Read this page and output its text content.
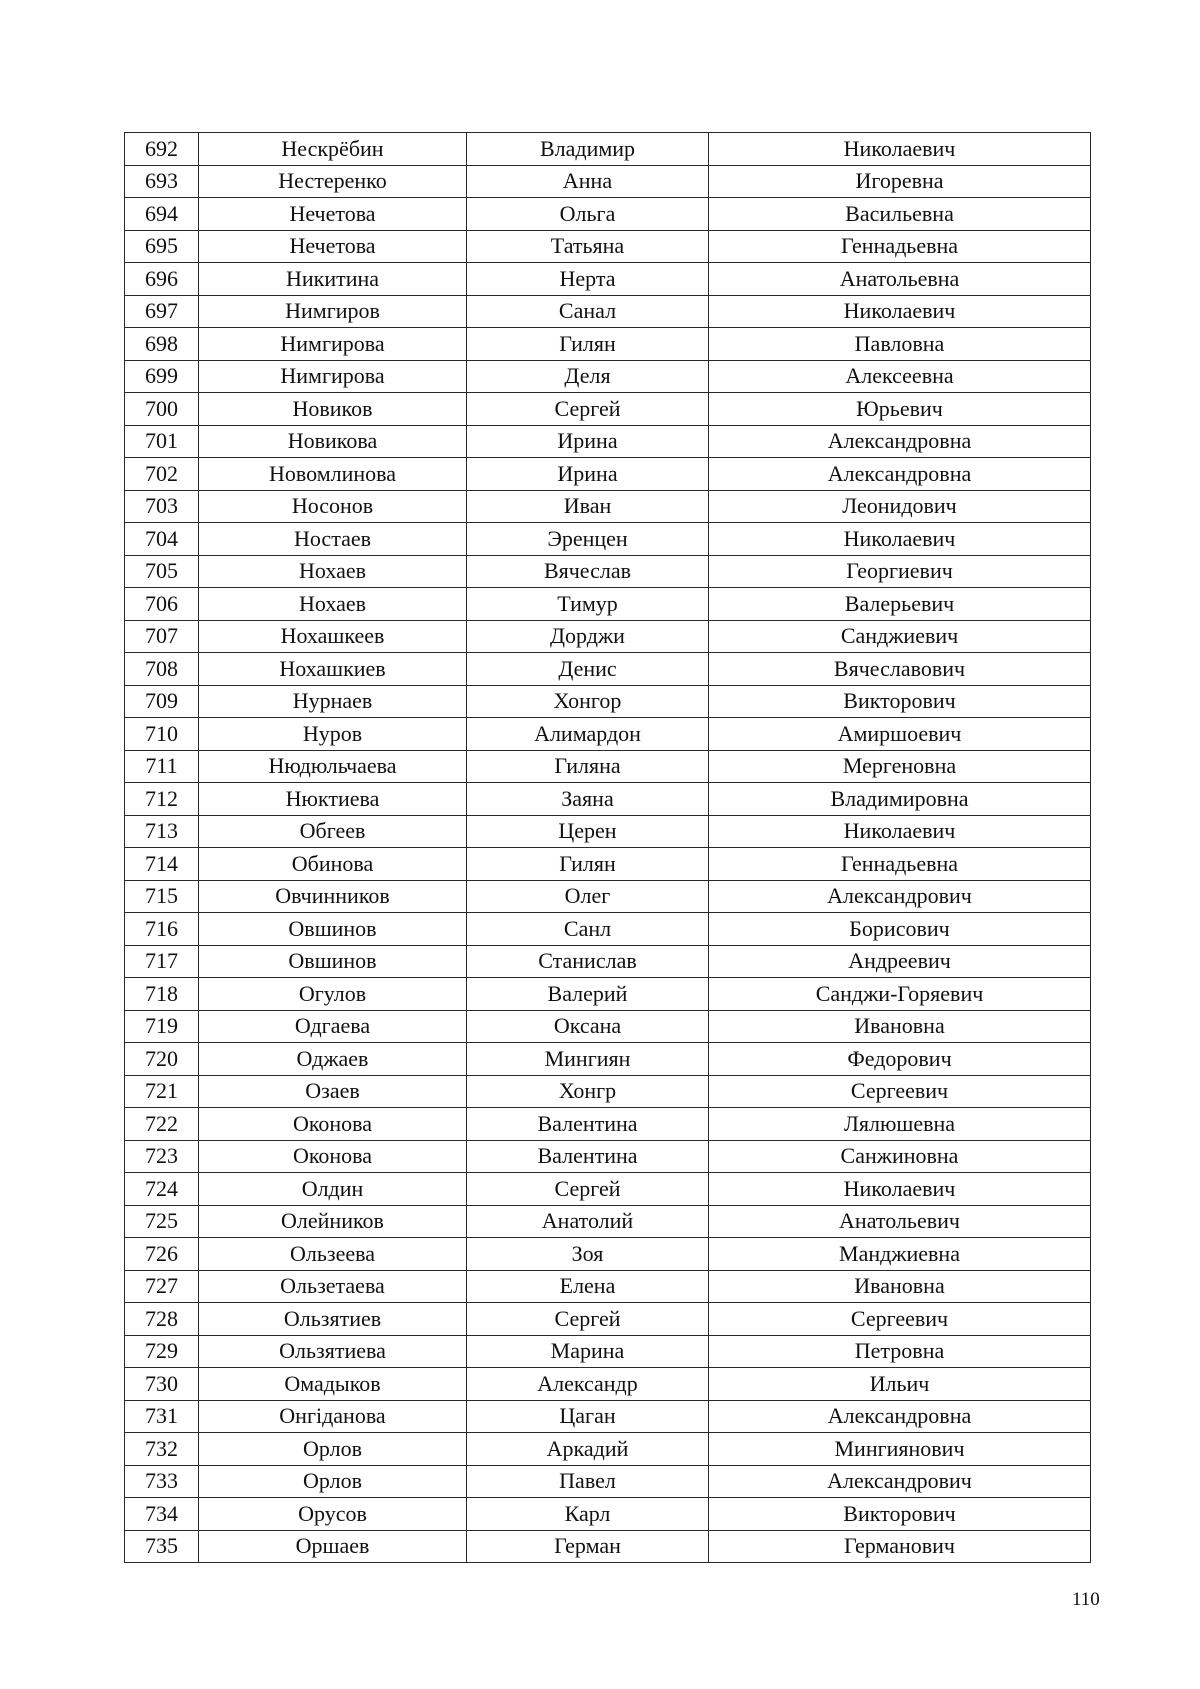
692	Нескрёбин	Владимир	Николаевич
693	Нестеренко	Анна	Игоревна
694	Нечетова	Ольга	Васильевна
695	Нечетова	Татьяна	Геннадьевна
696	Никитина	Нерта	Анатольевна
697	Нимгиров	Санал	Николаевич
698	Нимгирова	Гилян	Павловна
699	Нимгирова	Деля	Алексеевна
700	Новиков	Сергей	Юрьевич
701	Новикова	Ирина	Александровна
702	Новомлинова	Ирина	Александровна
703	Носонов	Иван	Леонидович
704	Ностаев	Эренцен	Николаевич
705	Нохаев	Вячеслав	Георгиевич
706	Нохаев	Тимур	Валерьевич
707	Нохашкеев	Дорджи	Санджиевич
708	Нохашкиев	Денис	Вячеславович
709	Нурнаев	Хонгор	Викторович
710	Нуров	Алимардон	Амиршоевич
711	Нюдюльчаева	Гиляна	Мергеновна
712	Нюктиева	Заяна	Владимировна
713	Обгеев	Церен	Николаевич
714	Обинова	Гилян	Геннадьевна
715	Овчинников	Олег	Александрович
716	Овшинов	Санл	Борисович
717	Овшинов	Станислав	Андреевич
718	Огулов	Валерий	Санджи-Горяевич
719	Одгаева	Оксана	Ивановна
720	Оджаев	Мингиян	Федорович
721	Озаев	Хонгр	Сергеевич
722	Оконова	Валентина	Лялюшевна
723	Оконова	Валентина	Санжиновна
724	Олдин	Сергей	Николаевич
725	Олейников	Анатолий	Анатольевич
726	Ользеева	Зоя	Манджиевна
727	Ользетаева	Елена	Ивановна
728	Ользятиев	Сергей	Сергеевич
729	Ользятиева	Марина	Петровна
730	Омадыков	Александр	Ильич
731	Онгіданова	Цаган	Александровна
732	Орлов	Аркадий	Мингиянович
733	Орлов	Павел	Александрович
734	Орусов	Карл	Викторович
735	Оршаев	Герман	Германович
110
